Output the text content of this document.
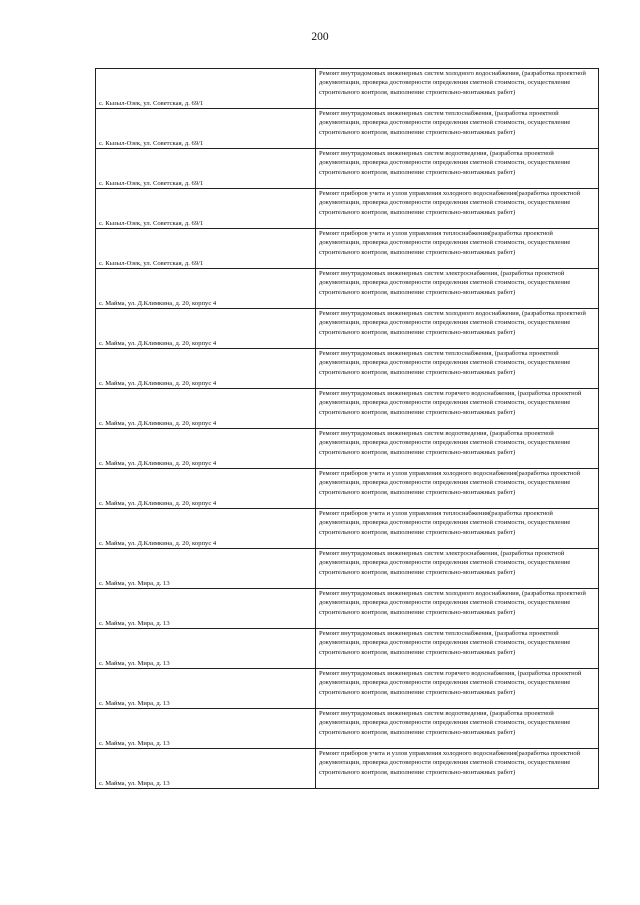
200
с. Кызыл-Озек, ул. Советская, д. 69/1	Ремонт внутридомовых инженерных систем холодного водоснабжения, (разработка проектной документации, проверка достоверности определения сметной стоимости, осуществление строительного контроля, выполнение строительно-монтажных работ)
с. Кызыл-Озек, ул. Советская, д. 69/1	Ремонт внутридомовых инженерных систем теплоснабжения, (разработка проектной документации, проверка достоверности определения сметной стоимости, осуществление строительного контроля, выполнение строительно-монтажных работ)
с. Кызыл-Озек, ул. Советская, д. 69/1	Ремонт внутридомовых инженерных систем водоотведения, (разработка проектной документации, проверка достоверности определения сметной стоимости, осуществление строительного контроля, выполнение строительно-монтажных работ)
с. Кызыл-Озек, ул. Советская, д. 69/1	Ремонт приборов учета и узлов управления холодного водоснабжения(разработка проектной документации, проверка достоверности определения сметной стоимости, осуществление строительного контроля, выполнение строительно-монтажных работ)
с. Кызыл-Озек, ул. Советская, д. 69/1	Ремонт приборов учета и узлов управления теплоснабжения(разработка проектной документации, проверка достоверности определения сметной стоимости, осуществление строительного контроля, выполнение строительно-монтажных работ)
с. Майма, ул. Д.Климкина, д. 20, корпус 4	Ремонт внутридомовых инженерных систем электроснабжения, (разработка проектной документации, проверка достоверности определения сметной стоимости, осуществление строительного контроля, выполнение строительно-монтажных работ)
с. Майма, ул. Д.Климкина, д. 20, корпус 4	Ремонт внутридомовых инженерных систем холодного водоснабжения, (разработка проектной документации, проверка достоверности определения сметной стоимости, осуществление строительного контроля, выполнение строительно-монтажных работ)
с. Майма, ул. Д.Климкина, д. 20, корпус 4	Ремонт внутридомовых инженерных систем теплоснабжения, (разработка проектной документации, проверка достоверности определения сметной стоимости, осуществление строительного контроля, выполнение строительно-монтажных работ)
с. Майма, ул. Д.Климкина, д. 20, корпус 4	Ремонт внутридомовых инженерных систем горячего водоснабжения, (разработка проектной документации, проверка достоверности определения сметной стоимости, осуществление строительного контроля, выполнение строительно-монтажных работ)
с. Майма, ул. Д.Климкина, д. 20, корпус 4	Ремонт внутридомовых инженерных систем водоотведения, (разработка проектной документации, проверка достоверности определения сметной стоимости, осуществление строительного контроля, выполнение строительно-монтажных работ)
с. Майма, ул. Д.Климкина, д. 20, корпус 4	Ремонт приборов учета и узлов управления холодного водоснабжения(разработка проектной документации, проверка достоверности определения сметной стоимости, осуществление строительного контроля, выполнение строительно-монтажных работ)
с. Майма, ул. Д.Климкина, д. 20, корпус 4	Ремонт приборов учета и узлов управления теплоснабжения(разработка проектной документации, проверка достоверности определения сметной стоимости, осуществление строительного контроля, выполнение строительно-монтажных работ)
с. Майма, ул. Мира, д. 13	Ремонт внутридомовых инженерных систем электроснабжения, (разработка проектной документации, проверка достоверности определения сметной стоимости, осуществление строительного контроля, выполнение строительно-монтажных работ)
с. Майма, ул. Мира, д. 13	Ремонт внутридомовых инженерных систем холодного водоснабжения, (разработка проектной документации, проверка достоверности определения сметной стоимости, осуществление строительного контроля, выполнение строительно-монтажных работ)
с. Майма, ул. Мира, д. 13	Ремонт внутридомовых инженерных систем теплоснабжения, (разработка проектной документации, проверка достоверности определения сметной стоимости, осуществление строительного контроля, выполнение строительно-монтажных работ)
с. Майма, ул. Мира, д. 13	Ремонт внутридомовых инженерных систем горячего водоснабжения, (разработка проектной документации, проверка достоверности определения сметной стоимости, осуществление строительного контроля, выполнение строительно-монтажных работ)
с. Майма, ул. Мира, д. 13	Ремонт внутридомовых инженерных систем водоотведения, (разработка проектной документации, проверка достоверности определения сметной стоимости, осуществление строительного контроля, выполнение строительно-монтажных работ)
с. Майма, ул. Мира, д. 13	Ремонт приборов учета и узлов управления холодного водоснабжения(разработка проектной документации, проверка достоверности определения сметной стоимости, осуществление строительного контроля, выполнение строительно-монтажных работ)
